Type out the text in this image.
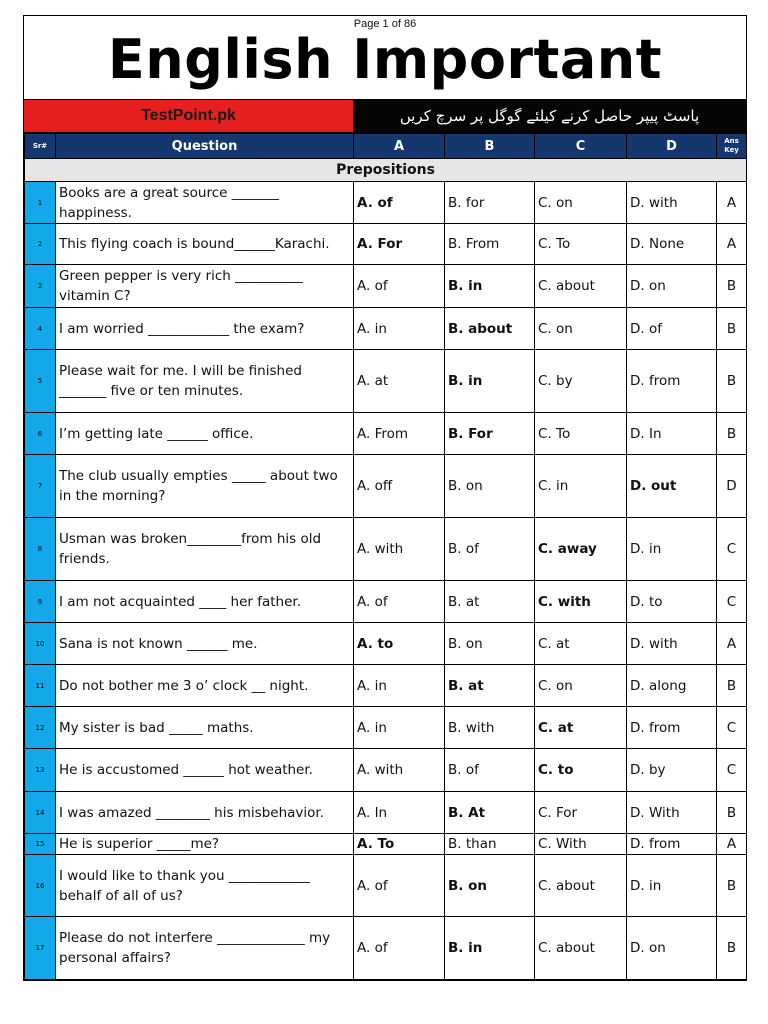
Page 1 of 86
English Important
TestPoint.pk	پاسٹ پیپر حاصل کرنے کیلئے گوگل پر سرچ کریں
Sr#	Question	A	B	C	D	Ans Key
Prepositions						
1	Books are a great source _______ happiness.	A. of	B. for	C. on	D. with	A
2	This flying coach is bound______Karachi.	A. For	B. From	C. To	D. None	A
3	Green pepper is very rich __________ vitamin C?	A. of	B. in	C. about	D. on	B
4	I am worried ____________ the exam?	A. in	B. about	C. on	D. of	B
5	Please wait for me. I will be finished _______ five or ten minutes.	A. at	B. in	C. by	D. from	B
6	I’m getting late ______ office.	A. From	B. For	C. To	D. In	B
7	The club usually empties _____ about two in the morning?	A. off	B. on	C. in	D. out	D
8	Usman was broken________from his old friends.	A. with	B. of	C. away	D. in	C
9	I am not acquainted ____ her father.	A. of	B. at	C. with	D. to	C
10	Sana is not known ______ me.	A. to	B. on	C. at	D. with	A
11	Do not bother me 3 o’ clock __ night.	A. in	B. at	C. on	D. along	B
12	My sister is bad _____ maths.	A. in	B. with	C. at	D. from	C
13	He is accustomed ______ hot weather.	A. with	B. of	C. to	D. by	C
14	I was amazed ________ his misbehavior.	A. In	B. At	C. For	D. With	B
15	He is superior _____me?	A. To	B. than	C. With	D. from	A
16	I would like to thank you ____________ behalf of all of us?	A. of	B. on	C. about	D. in	B
17	Please do not interfere _____________ my personal affairs?	A. of	B. in	C. about	D. on	B
